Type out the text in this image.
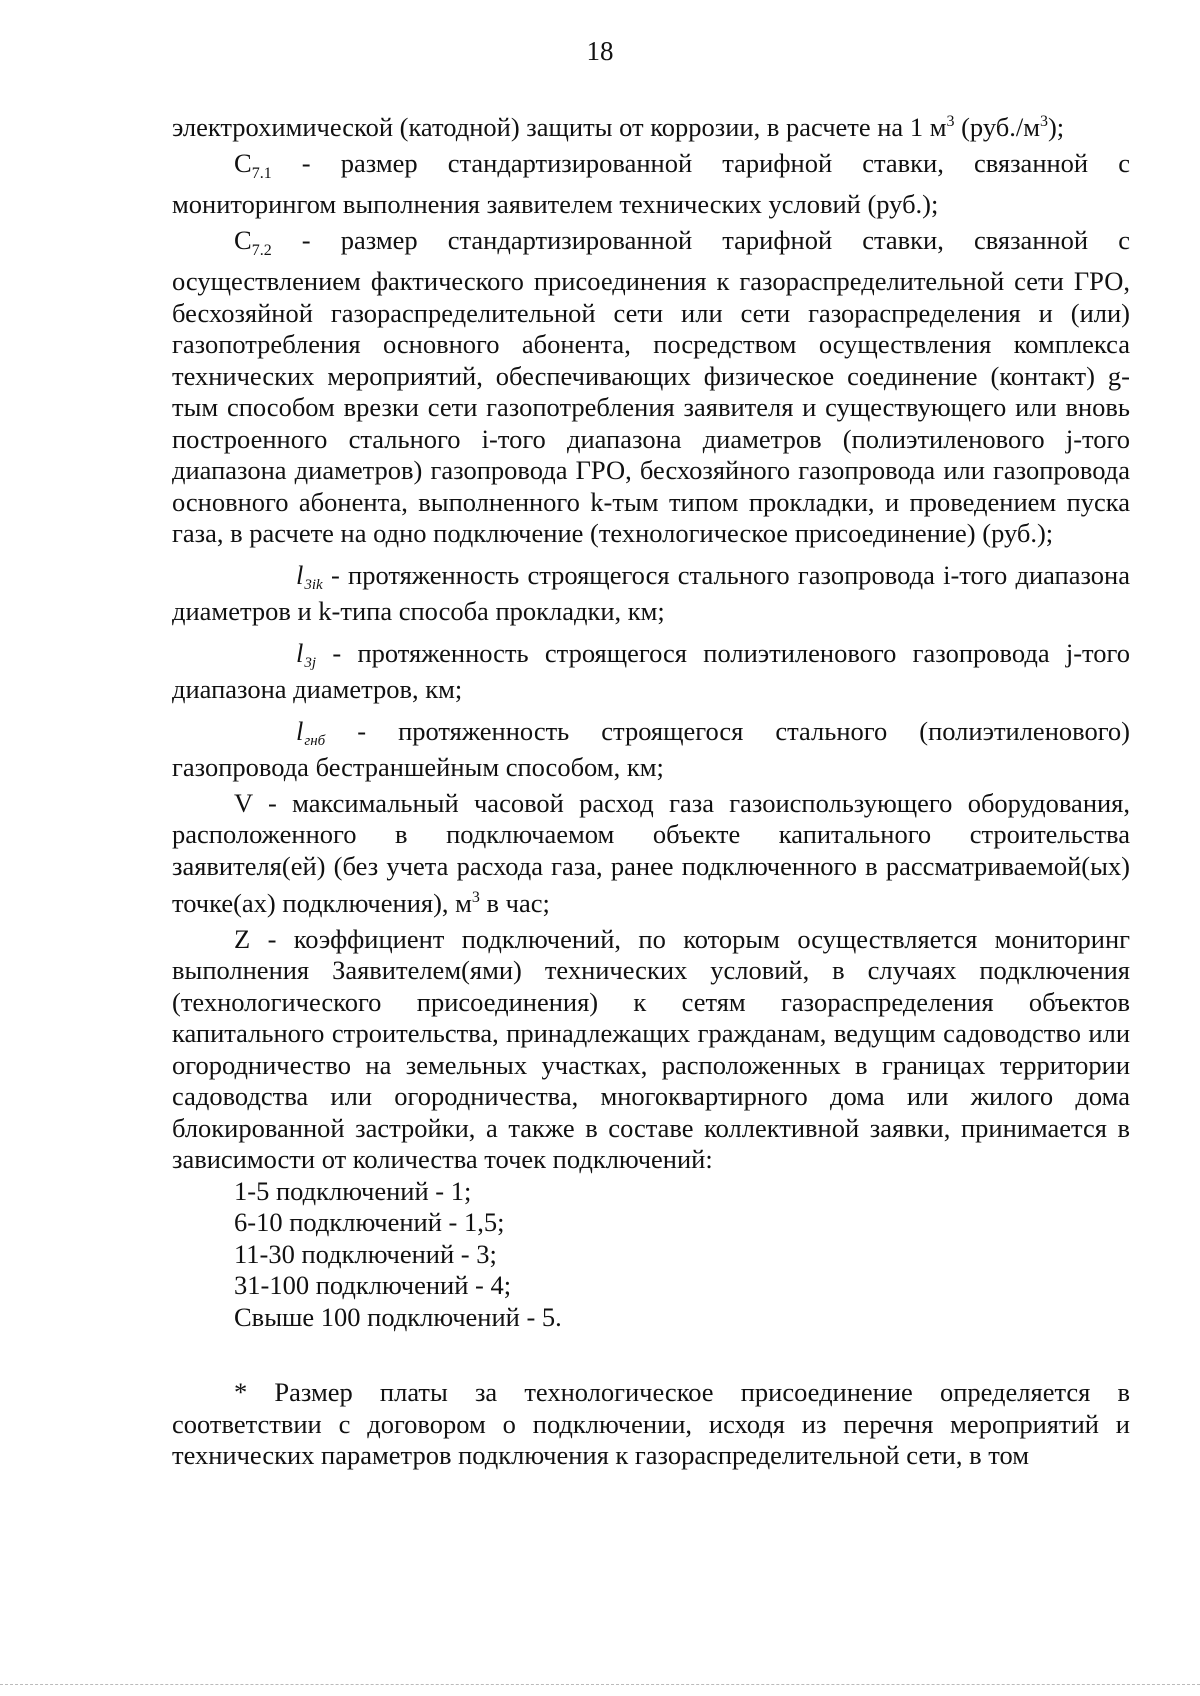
18

электрохимической (катодной) защиты от коррозии, в расчете на 1 $м^3$ $(руб./м^3)$;

$С_{7.1}$ - размер стандартизированной тарифной ставки, связанной с мониторингом выполнения заявителем технических условий (руб.);

$С_{7.2}$ - размер стандартизированной тарифной ставки, связанной с осуществлением фактического присоединения к газораспределительной сети ГРО, бесхозяйной газораспределительной сети или сети газораспределения и (или) газопотребления основного абонента, посредством осуществления комплекса технических мероприятий, обеспечивающих физическое соединение (контакт) g-тым способом врезки сети газопотребления заявителя и существующего или вновь построенного стального i-того диапазона диаметров (полиэтиленового j-того диапазона диаметров) газопровода ГРО, бесхозяйного газопровода или газопровода основного абонента, выполненного k-тым типом прокладки, и проведением пуска газа, в расчете на одно подключение (технологическое присоединение) (руб.);

l3ik - протяженность строящегося стального газопровода i-того диапазона диаметров и k-типа способа прокладки, км;

l3j - протяженность строящегося полиэтиленового газопровода j-того диапазона диаметров, км;

lгнб - протяженность строящегося стального (полиэтиленового) газопровода бестраншейным способом, км;

V - максимальный часовой расход газа газоиспользующего оборудования, расположенного в подключаемом объекте капитального строительства заявителя(ей) (без учета расхода газа, ранее подключенного в рассматриваемой(ых) точке(ах) подключения), $м^3$ в час;

Z - коэффициент подключений, по которым осуществляется мониторинг выполнения Заявителем(ями) технических условий, в случаях подключения (технологического присоединения) к сетям газораспределения объектов капитального строительства, принадлежащих гражданам, ведущим садоводство или огородничество на земельных участках, расположенных в границах территории садоводства или огородничества, многоквартирного дома или жилого дома блокированной застройки, а также в составе коллективной заявки, принимается в зависимости от количества точек подключений:

1-5 подключений - 1;
6-10 подключений - 1,5;
11-30 подключений - 3;
31-100 подключений - 4;
Свыше 100 подключений - 5.

* Размер платы за технологическое присоединение определяется в соответствии с договором о подключении, исходя из перечня мероприятий и технических параметров подключения к газораспределительной сети, в том
